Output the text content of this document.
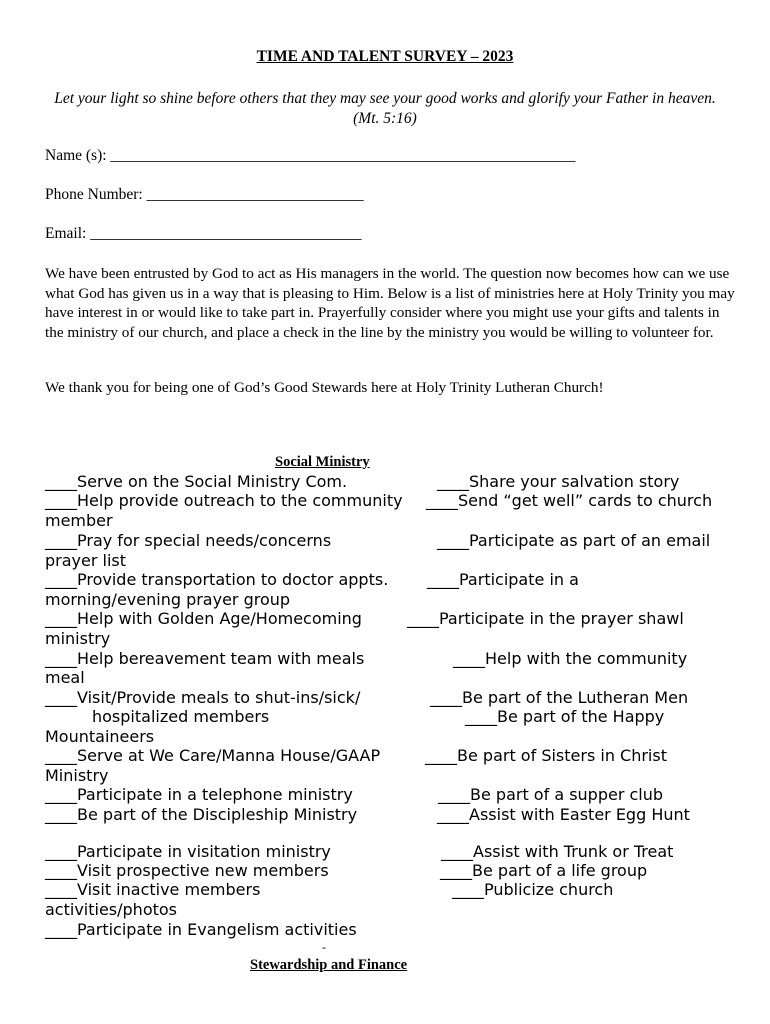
TIME AND TALENT SURVEY – 2023
Let your light so shine before others that they may see your good works and glorify your Father in heaven. (Mt. 5:16)
Name (s): ____________________________________________________________
Phone Number: ____________________________
Email: ___________________________________
We have been entrusted by God to act as His managers in the world. The question now becomes how can we use what God has given us in a way that is pleasing to Him. Below is a list of ministries here at Holy Trinity you may have interest in or would like to take part in. Prayerfully consider where you might use your gifts and talents in the ministry of our church, and place a check in the line by the ministry you would be willing to volunteer for.
We thank you for being one of God’s Good Stewards here at Holy Trinity Lutheran Church!
Social Ministry
____Serve on the Social Ministry Com.
____Help provide outreach to the community
member
____Pray for special needs/concerns
prayer list
____Provide transportation to doctor appts.
morning/evening prayer group
____Help with Golden Age/Homecoming
ministry
____Help bereavement team with meals
meal
____Visit/Provide meals to shut-ins/sick/
hospitalized members
Mountaineers
____Serve at We Care/Manna House/GAAP
Ministry
____Participate in a telephone ministry
____Be part of the Discipleship Ministry
____Participate in visitation ministry
____Visit prospective new members
____Visit inactive members
activities/photos
____Participate in Evangelism activities
____Share your salvation story
____Send “get well” cards to church
____Participate as part of an email
____Participate in a
____Participate in the prayer shawl
____Help with the community
____Be part of the Lutheran Men
____Be part of the Happy
____Be part of Sisters in Christ
____Be part of a supper club
____Assist with Easter Egg Hunt
____Assist with Trunk or Treat
____Be part of a life group
____Publicize church
-
Stewardship and Finance
